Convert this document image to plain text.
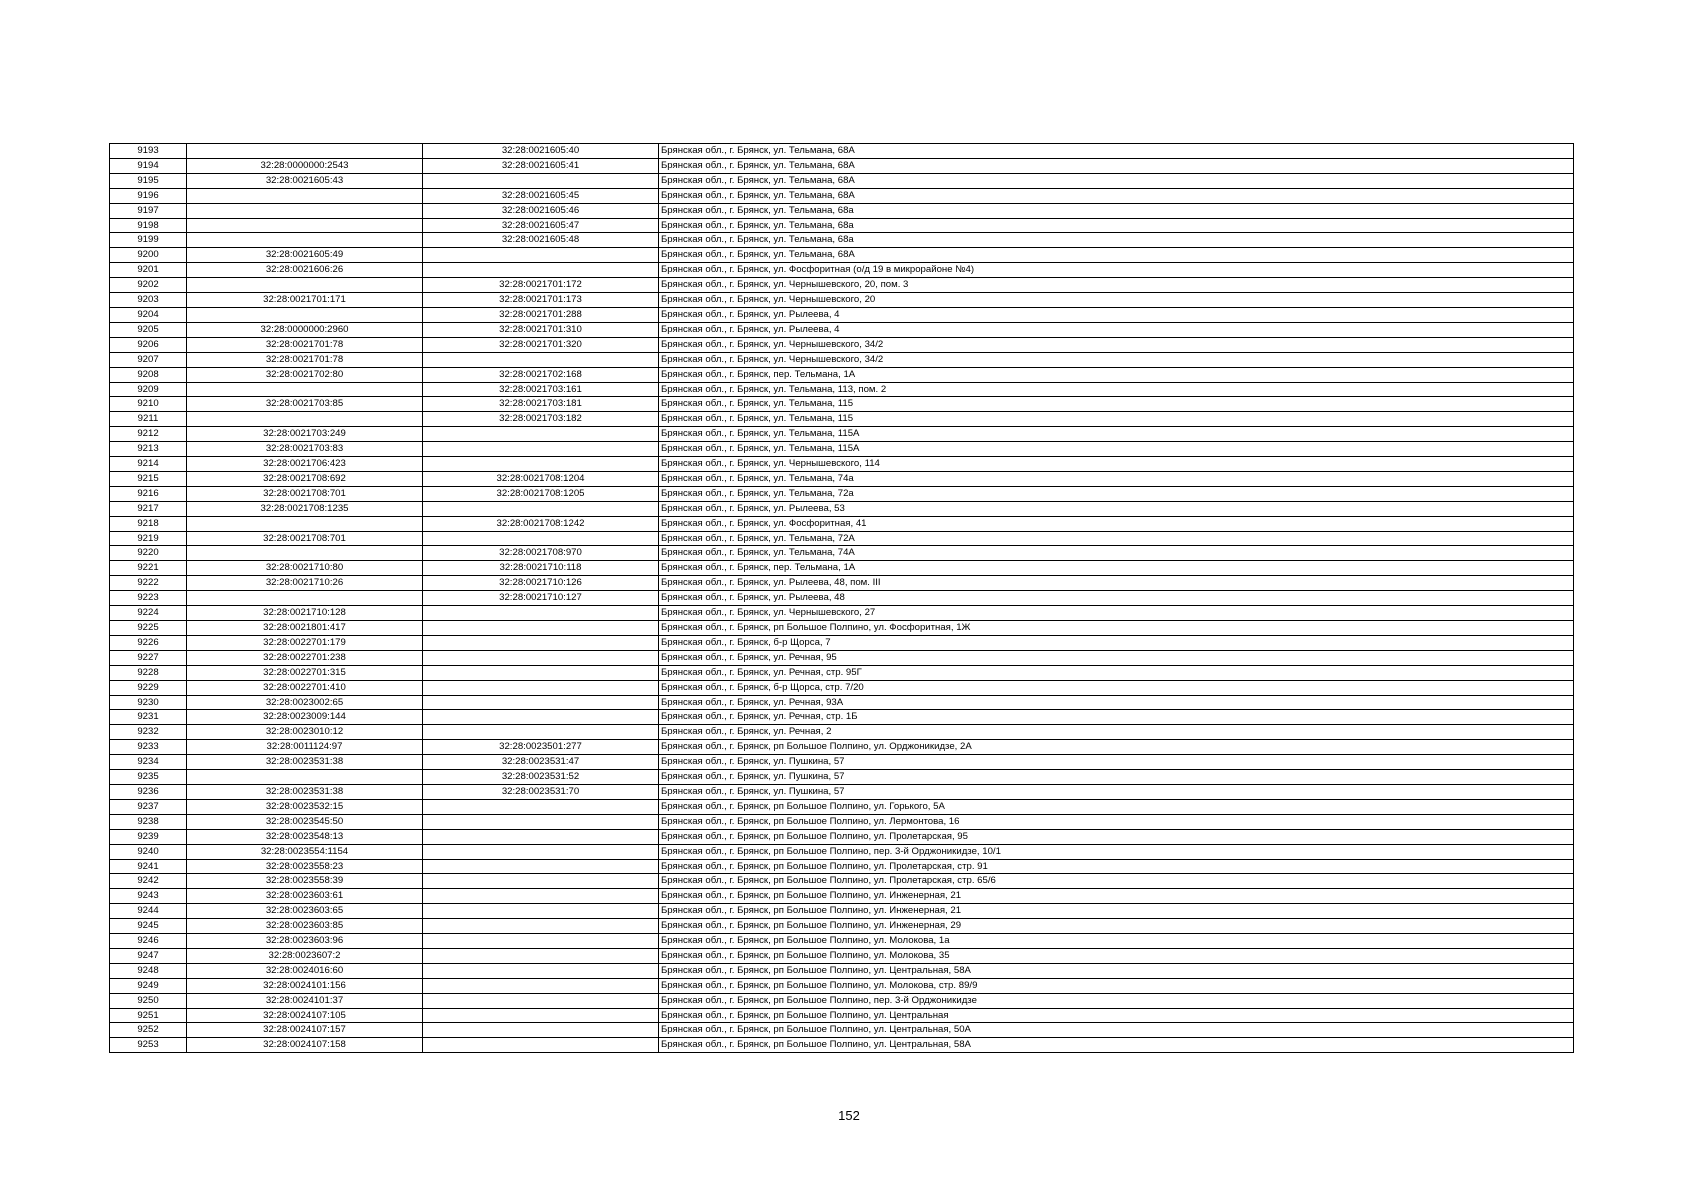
9193		32:28:0021605:40	Брянская обл., г. Брянск, ул. Тельмана, 68А
9194	32:28:0000000:2543	32:28:0021605:41	Брянская обл., г. Брянск, ул. Тельмана, 68А
9195	32:28:0021605:43		Брянская обл., г. Брянск, ул. Тельмана, 68А
9196		32:28:0021605:45	Брянская обл., г. Брянск, ул. Тельмана, 68А
9197		32:28:0021605:46	Брянская обл., г. Брянск, ул. Тельмана, 68а
9198		32:28:0021605:47	Брянская обл., г. Брянск, ул. Тельмана, 68а
9199		32:28:0021605:48	Брянская обл., г. Брянск, ул. Тельмана, 68а
9200	32:28:0021605:49		Брянская обл., г. Брянск, ул. Тельмана, 68А
9201	32:28:0021606:26		Брянская обл., г. Брянск, ул. Фосфоритная (о/д 19 в микрорайоне №4)
9202		32:28:0021701:172	Брянская обл., г. Брянск, ул. Чернышевского, 20, пом. 3
9203	32:28:0021701:171	32:28:0021701:173	Брянская обл., г. Брянск, ул. Чернышевского, 20
9204		32:28:0021701:288	Брянская обл., г. Брянск, ул. Рылеева, 4
9205	32:28:0000000:2960	32:28:0021701:310	Брянская обл., г. Брянск, ул. Рылеева, 4
9206	32:28:0021701:78	32:28:0021701:320	Брянская обл., г. Брянск, ул. Чернышевского, 34/2
9207	32:28:0021701:78		Брянская обл., г. Брянск, ул. Чернышевского, 34/2
9208	32:28:0021702:80	32:28:0021702:168	Брянская обл., г. Брянск, пер. Тельмана, 1А
9209		32:28:0021703:161	Брянская обл., г. Брянск, ул. Тельмана, 113, пом. 2
9210	32:28:0021703:85	32:28:0021703:181	Брянская обл., г. Брянск, ул. Тельмана, 115
9211		32:28:0021703:182	Брянская обл., г. Брянск, ул. Тельмана, 115
9212	32:28:0021703:249		Брянская обл., г. Брянск, ул. Тельмана, 115А
9213	32:28:0021703:83		Брянская обл., г. Брянск, ул. Тельмана, 115А
9214	32:28:0021706:423		Брянская обл., г. Брянск, ул. Чернышевского, 114
9215	32:28:0021708:692	32:28:0021708:1204	Брянская обл., г. Брянск, ул. Тельмана, 74а
9216	32:28:0021708:701	32:28:0021708:1205	Брянская обл., г. Брянск, ул. Тельмана, 72а
9217	32:28:0021708:1235		Брянская обл., г. Брянск, ул. Рылеева, 53
9218		32:28:0021708:1242	Брянская обл., г. Брянск, ул. Фосфоритная, 41
9219	32:28:0021708:701		Брянская обл., г. Брянск, ул. Тельмана, 72А
9220		32:28:0021708:970	Брянская обл., г. Брянск, ул. Тельмана, 74А
9221	32:28:0021710:80	32:28:0021710:118	Брянская обл., г. Брянск, пер. Тельмана, 1А
9222	32:28:0021710:26	32:28:0021710:126	Брянская обл., г. Брянск, ул. Рылеева, 48, пом. III
9223		32:28:0021710:127	Брянская обл., г. Брянск, ул. Рылеева, 48
9224	32:28:0021710:128		Брянская обл., г. Брянск, ул. Чернышевского, 27
9225	32:28:0021801:417		Брянская обл., г. Брянск, рп Большое Полпино, ул. Фосфоритная, 1Ж
9226	32:28:0022701:179		Брянская обл., г. Брянск, б-р Щорса, 7
9227	32:28:0022701:238		Брянская обл., г. Брянск, ул. Речная, 95
9228	32:28:0022701:315		Брянская обл., г. Брянск, ул. Речная, стр. 95Г
9229	32:28:0022701:410		Брянская обл., г. Брянск, б-р Щорса, стр. 7/20
9230	32:28:0023002:65		Брянская обл., г. Брянск, ул. Речная, 93А
9231	32:28:0023009:144		Брянская обл., г. Брянск, ул. Речная, стр. 1Б
9232	32:28:0023010:12		Брянская обл., г. Брянск, ул. Речная, 2
9233	32:28:0011124:97	32:28:0023501:277	Брянская обл., г. Брянск, рп Большое Полпино, ул. Орджоникидзе, 2А
9234	32:28:0023531:38	32:28:0023531:47	Брянская обл., г. Брянск, ул. Пушкина, 57
9235		32:28:0023531:52	Брянская обл., г. Брянск, ул. Пушкина, 57
9236	32:28:0023531:38	32:28:0023531:70	Брянская обл., г. Брянск, ул. Пушкина, 57
9237	32:28:0023532:15		Брянская обл., г. Брянск, рп Большое Полпино, ул. Горького, 5А
9238	32:28:0023545:50		Брянская обл., г. Брянск, рп Большое Полпино, ул. Лермонтова, 16
9239	32:28:0023548:13		Брянская обл., г. Брянск, рп Большое Полпино, ул. Пролетарская, 95
9240	32:28:0023554:1154		Брянская обл., г. Брянск, рп Большое Полпино, пер. 3-й Орджоникидзе, 10/1
9241	32:28:0023558:23		Брянская обл., г. Брянск, рп Большое Полпино, ул. Пролетарская, стр. 91
9242	32:28:0023558:39		Брянская обл., г. Брянск, рп Большое Полпино, ул. Пролетарская, стр. 65/6
9243	32:28:0023603:61		Брянская обл., г. Брянск, рп Большое Полпино, ул. Инженерная, 21
9244	32:28:0023603:65		Брянская обл., г. Брянск, рп Большое Полпино, ул. Инженерная, 21
9245	32:28:0023603:85		Брянская обл., г. Брянск, рп Большое Полпино, ул. Инженерная, 29
9246	32:28:0023603:96		Брянская обл., г. Брянск, рп Большое Полпино, ул. Молокова, 1а
9247	32:28:0023607:2		Брянская обл., г. Брянск, рп Большое Полпино, ул. Молокова, 35
9248	32:28:0024016:60		Брянская обл., г. Брянск, рп Большое Полпино, ул. Центральная, 58А
9249	32:28:0024101:156		Брянская обл., г. Брянск, рп Большое Полпино, ул. Молокова, стр. 89/9
9250	32:28:0024101:37		Брянская обл., г. Брянск, рп Большое Полпино, пер. 3-й Орджоникидзе
9251	32:28:0024107:105		Брянская обл., г. Брянск, рп Большое Полпино, ул. Центральная
9252	32:28:0024107:157		Брянская обл., г. Брянск, рп Большое Полпино, ул. Центральная, 50А
9253	32:28:0024107:158		Брянская обл., г. Брянск, рп Большое Полпино, ул. Центральная, 58А
152
